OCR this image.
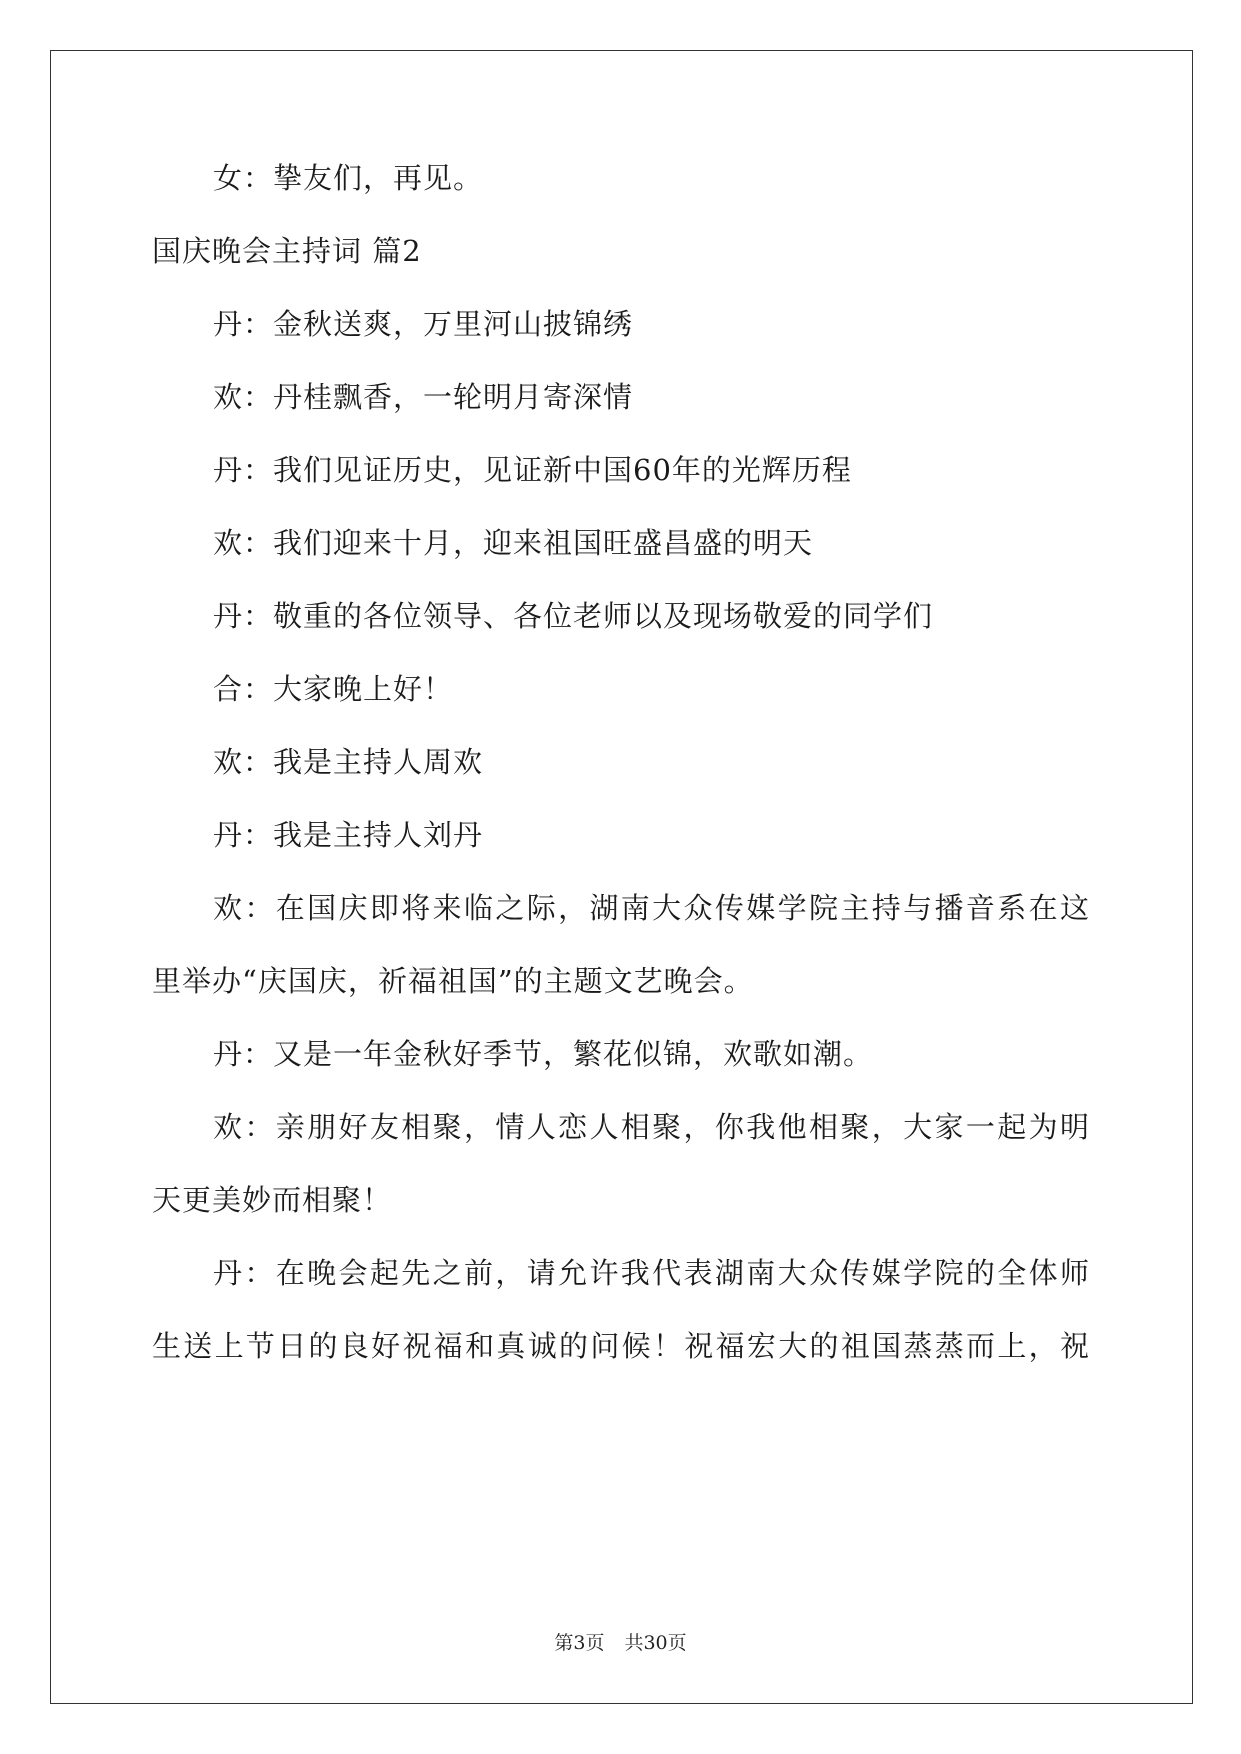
女：挚友们，再见。
国庆晚会主持词 篇2
丹：金秋送爽，万里河山披锦绣
欢：丹桂飘香，一轮明月寄深情
丹：我们见证历史，见证新中国60年的光辉历程
欢：我们迎来十月，迎来祖国旺盛昌盛的明天
丹：敬重的各位领导、各位老师以及现场敬爱的同学们
合：大家晚上好！
欢：我是主持人周欢
丹：我是主持人刘丹
欢：在国庆即将来临之际，湖南大众传媒学院主持与播音系在这
里举办“庆国庆，祈福祖国”的主题文艺晚会。
丹：又是一年金秋好季节，繁花似锦，欢歌如潮。
欢：亲朋好友相聚，情人恋人相聚，你我他相聚，大家一起为明
天更美妙而相聚！
丹：在晚会起先之前，请允许我代表湖南大众传媒学院的全体师
生送上节日的良好祝福和真诚的问候！祝福宏大的祖国蒸蒸而上，祝
第3页 共30页
